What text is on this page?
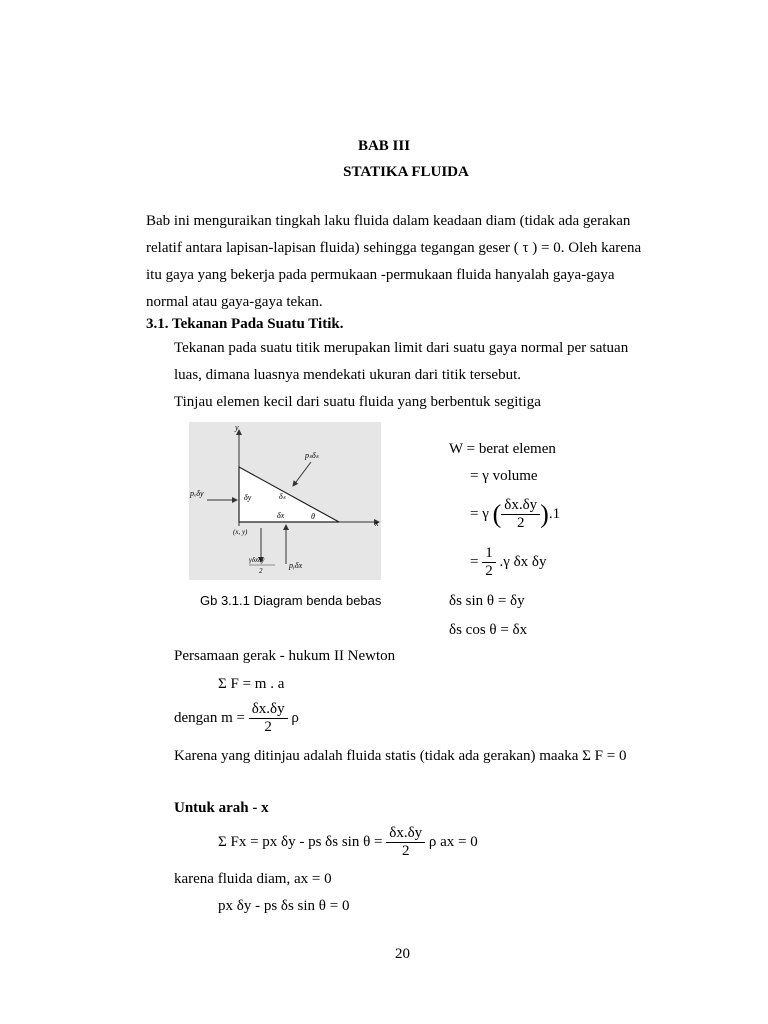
BAB III
STATIKA FLUIDA
Bab ini menguraikan tingkah laku fluida dalam keadaan diam (tidak ada gerakan
relatif antara lapisan-lapisan fluida) sehingga tegangan geser ( τ ) = 0. Oleh karena
itu gaya yang bekerja pada permukaan -permukaan fluida hanyalah gaya-gaya
normal atau gaya-gaya tekan.
3.1. Tekanan Pada Suatu Titik.
Tekanan pada suatu titik merupakan limit dari suatu gaya normal per satuan
luas, dimana luasnya mendekati ukuran dari titik tersebut.
Tinjau elemen kecil dari suatu fluida yang berbentuk segitiga
y
x
pₛδₛ
pₓδy	δy	δₛ
δx	θ
(x, y)
γδxδy
2
pᵧδx
Gb 3.1.1 Diagram benda bebas
W = berat elemen
= γ volume
= γ ( $\frac{\delta x.\delta y}{2} ).1$
= $\frac{1}{2} .\gamma$ δx δy
δs sin θ = δy
δs cos θ = δx
Persamaan gerak - hukum II Newton
Σ F = m . a
dengan $m = \frac{\delta x.\delta y}{2}$ ρ
Karena yang ditinjau adalah fluida statis (tidak ada gerakan) maaka Σ F = 0
Untuk arah - x
Σ Fx = px δy - ps δs $\sin \theta = \frac{\delta x.\delta y}{2}$ ρ ax = 0
karena fluida diam, ax = 0
px δy - ps δs sin θ = 0
20
